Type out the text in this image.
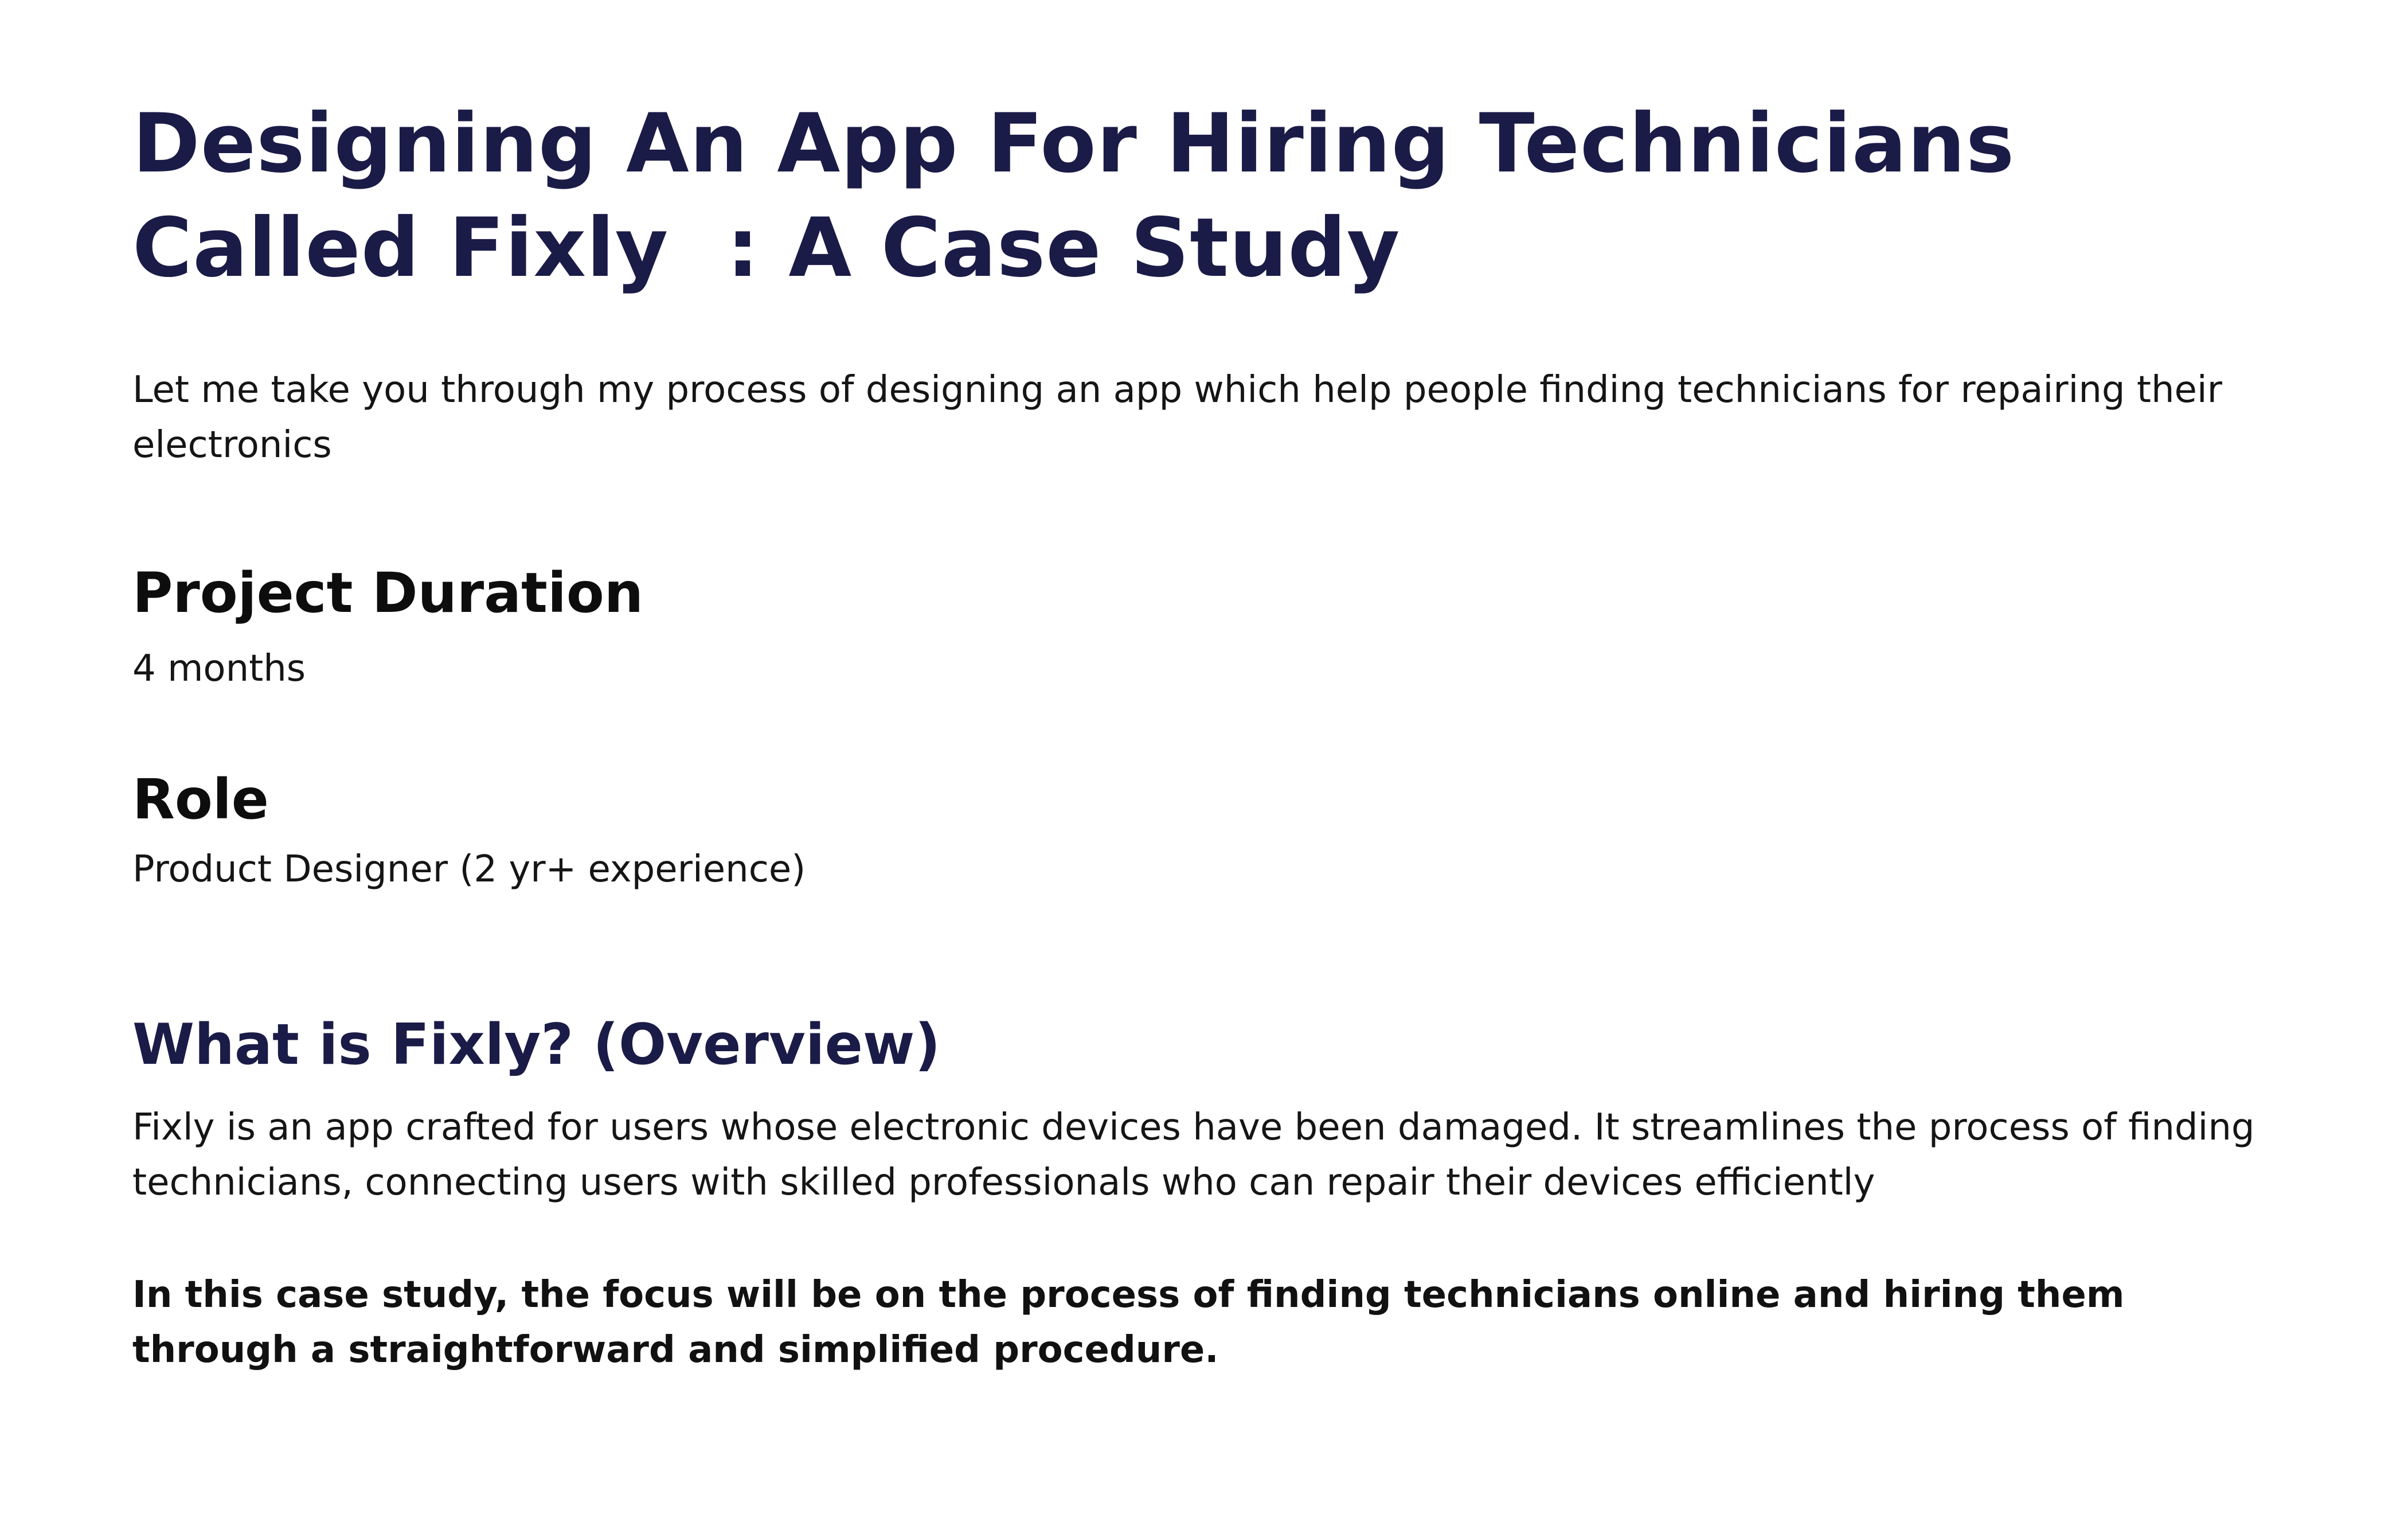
Designing An App For Hiring Technicians Called Fixly  : A Case Study

Let me take you through my process of designing an app which help people finding technicians for repairing their electronics

Project Duration

4 months

Role

Product Designer (2 yr+ experience)

What is Fixly? (Overview)

Fixly is an app crafted for users whose electronic devices have been damaged. It streamlines the process of finding technicians, connecting users with skilled professionals who can repair their devices efficiently

In this case study, the focus will be on the process of finding technicians online and hiring them through a straightforward and simplified procedure.
